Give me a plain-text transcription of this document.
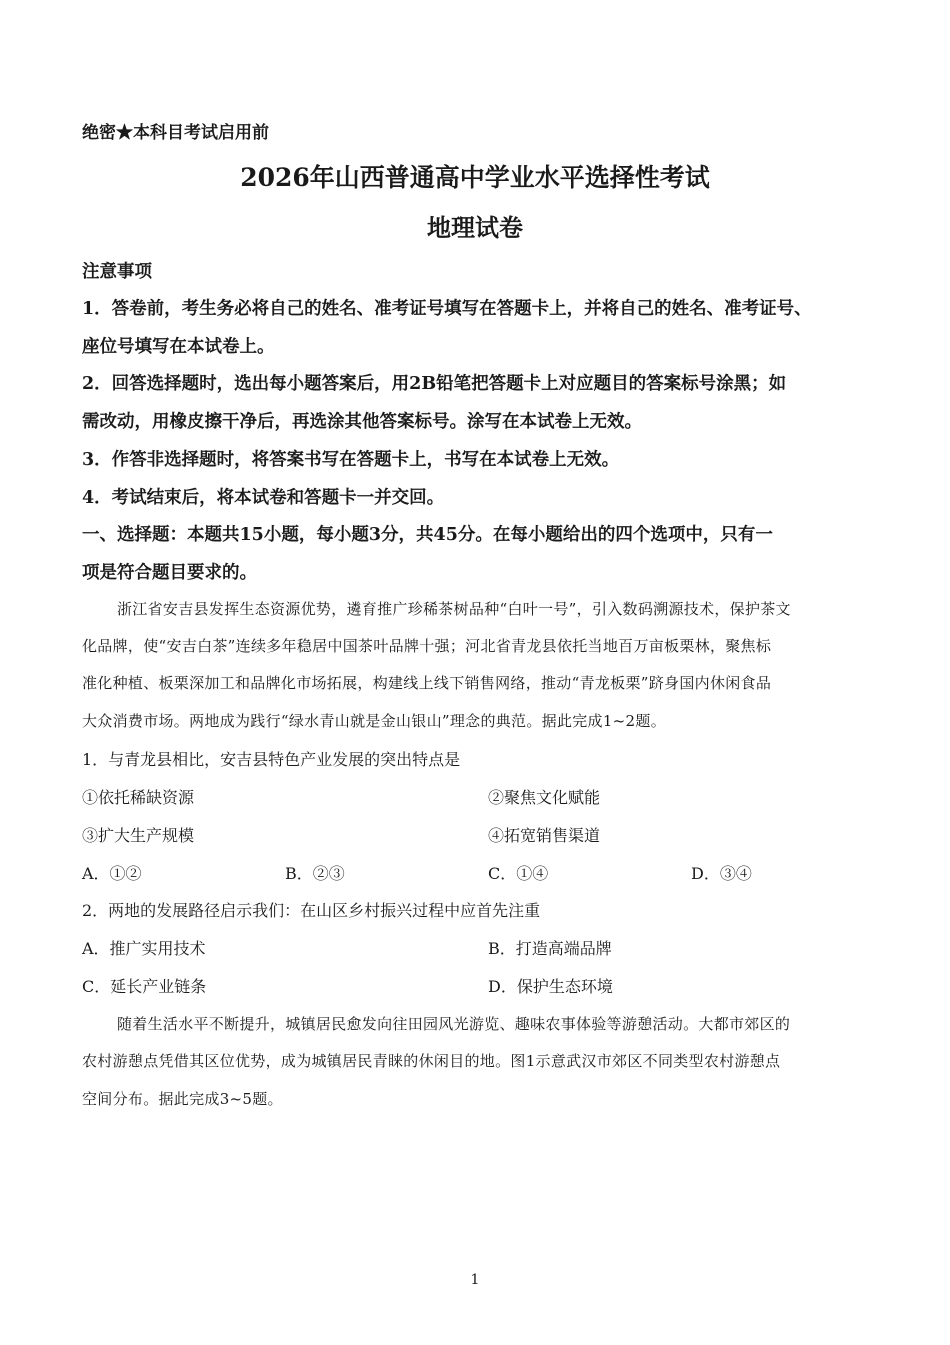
绝密★本科目考试启用前
2026年山西普通高中学业水平选择性考试
地理试卷
注意事项
1．答卷前，考生务必将自己的姓名、准考证号填写在答题卡上，并将自己的姓名、准考证号、
座位号填写在本试卷上。
2．回答选择题时，选出每小题答案后，用2B铅笔把答题卡上对应题目的答案标号涂黑；如
需改动，用橡皮擦干净后，再选涂其他答案标号。涂写在本试卷上无效。
3．作答非选择题时，将答案书写在答题卡上，书写在本试卷上无效。
4．考试结束后，将本试卷和答题卡一并交回。
一、选择题：本题共15小题，每小题3分，共45分。在每小题给出的四个选项中，只有一
项是符合题目要求的。
浙江省安吉县发挥生态资源优势，遴育推广珍稀茶树品种“白叶一号”，引入数码溯源技术，保护茶文
化品牌，使“安吉白茶”连续多年稳居中国茶叶品牌十强；河北省青龙县依托当地百万亩板栗林，聚焦标
准化种植、板栗深加工和品牌化市场拓展，构建线上线下销售网络，推动“青龙板栗”跻身国内休闲食品
大众消费市场。两地成为践行“绿水青山就是金山银山”理念的典范。据此完成1~2题。
1．与青龙县相比，安吉县特色产业发展的突出特点是
①依托稀缺资源	②聚焦文化赋能
③扩大生产规模	④拓宽销售渠道
A．①②	B．②③	C．①④	D．③④
2．两地的发展路径启示我们：在山区乡村振兴过程中应首先注重
A．推广实用技术	B．打造高端品牌
C．延长产业链条	D．保护生态环境
随着生活水平不断提升，城镇居民愈发向往田园风光游览、趣味农事体验等游憩活动。大都市郊区的
农村游憩点凭借其区位优势，成为城镇居民青睐的休闲目的地。图1示意武汉市郊区不同类型农村游憩点
空间分布。据此完成3~5题。
1
